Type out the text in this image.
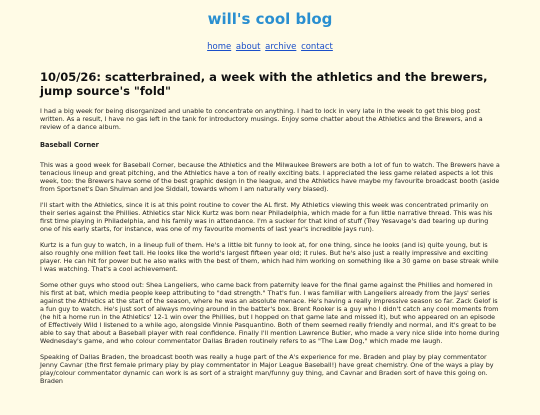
will's cool blog
home about archive contact
10/05/26: scatterbrained, a week with the athletics and the brewers, jump source's "fold"

I had a big week for being disorganized and unable to concentrate on anything. I had to lock in very late in the week to get this blog post written. As a result, I have no gas left in the tank for introductory musings. Enjoy some chatter about the Athletics and the Brewers, and a review of a dance album.

Baseball Corner

This was a good week for Baseball Corner, because the Athletics and the Milwaukee Brewers are both a lot of fun to watch. The Brewers have a tenacious lineup and great pitching, and the Athletics have a ton of really exciting bats. I appreciated the less game related aspects a lot this week, too: the Brewers have some of the best graphic design in the league, and the Athletics have maybe my favourite broadcast booth (aside from Sportsnet's Dan Shulman and Joe Siddall, towards whom I am naturally very biased).

I'll start with the Athletics, since it is at this point routine to cover the AL first. My Athletics viewing this week was concentrated primarily on their series against the Phillies. Athletics star Nick Kurtz was born near Philadelphia, which made for a fun little narrative thread. This was his first time playing in Philadelphia, and his family was in attendance. I'm a sucker for that kind of stuff (Trey Yesavage's dad tearing up during one of his early starts, for instance, was one of my favourite moments of last year's incredible Jays run).

Kurtz is a fun guy to watch, in a lineup full of them. He's a little bit funny to look at, for one thing, since he looks (and is) quite young, but is also roughly one million feet tall. He looks like the world's largest fifteen year old; it rules. But he's also just a really impressive and exciting player. He can hit for power but he also walks with the best of them, which had him working on something like a 30 game on base streak while I was watching. That's a cool achievement.

Some other guys who stood out: Shea Langeliers, who came back from paternity leave for the final game against the Phillies and homered in his first at bat, which media people keep attributing to "dad strength." That's fun. I was familiar with Langeliers already from the Jays' series against the Athletics at the start of the season, where he was an absolute menace. He's having a really impressive season so far. Zack Gelof is a fun guy to watch. He's just sort of always moving around in the batter's box. Brent Rooker is a guy who I didn't catch any cool moments from (he hit a home run in the Athletics' 12-1 win over the Phillies, but I hopped on that game late and missed it), but who appeared on an episode of Effectively Wild I listened to a while ago, alongside Vinnie Pasquantino. Both of them seemed really friendly and normal, and it's great to be able to say that about a Baseball player with real confidence. Finally I'll mention Lawrence Butler, who made a very nice slide into home during Wednesday's game, and who colour commentator Dallas Braden routinely refers to as "The Law Dog," which made me laugh.

Speaking of Dallas Braden, the broadcast booth was really a huge part of the A's experience for me. Braden and play by play commentator Jenny Cavnar (the first female primary play by play commentator in Major League Baseball!) have great chemistry. One of the ways a play by play/colour commentator dynamic can work is as sort of a straight man/funny guy thing, and Cavnar and Braden sort of have this going on. Braden
